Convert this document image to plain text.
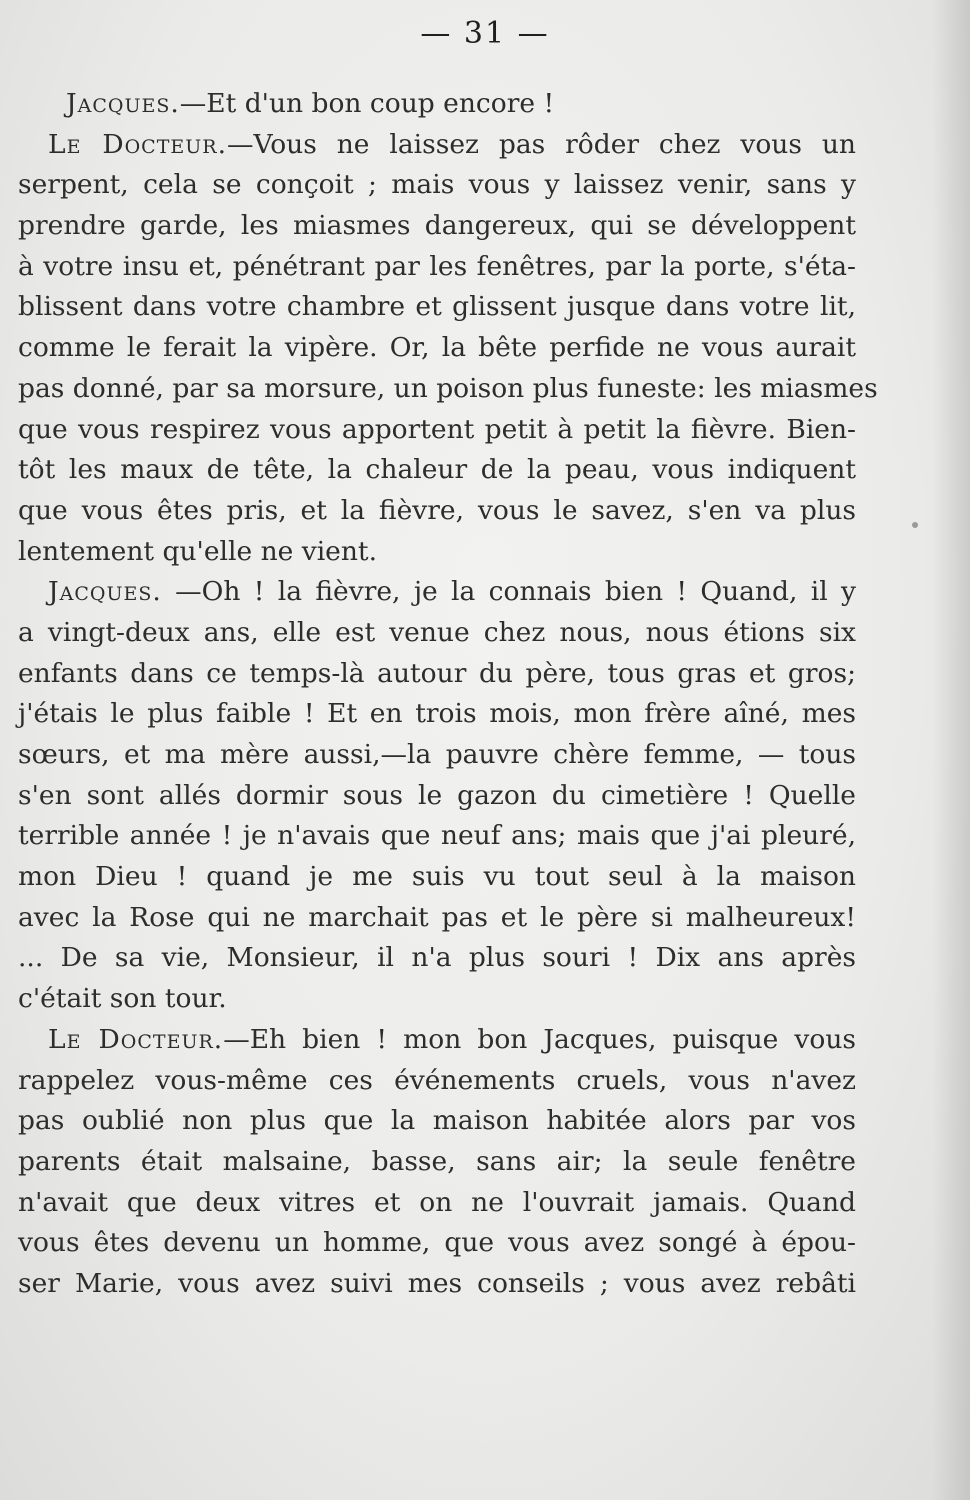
— 31 —
Jacques.—Et d'un bon coup encore !
Le Docteur.—Vous ne laissez pas rôder chez vous un
serpent, cela se conçoit ; mais vous y laissez venir, sans y
prendre garde, les miasmes dangereux, qui se développent
à votre insu et, pénétrant par les fenêtres, par la porte, s'éta-
blissent dans votre chambre et glissent jusque dans votre lit,
comme le ferait la vipère. Or, la bête perfide ne vous aurait
pas donné, par sa morsure, un poison plus funeste: les miasmes
que vous respirez vous apportent petit à petit la fièvre. Bien-
tôt les maux de tête, la chaleur de la peau, vous indiquent
que vous êtes pris, et la fièvre, vous le savez, s'en va plus
lentement qu'elle ne vient.
Jacques. —Oh ! la fièvre, je la connais bien ! Quand, il y
a vingt-deux ans, elle est venue chez nous, nous étions six
enfants dans ce temps-là autour du père, tous gras et gros;
j'étais le plus faible ! Et en trois mois, mon frère aîné, mes
sœurs, et ma mère aussi,—la pauvre chère femme, — tous
s'en sont allés dormir sous le gazon du cimetière ! Quelle
terrible année ! je n'avais que neuf ans; mais que j'ai pleuré,
mon Dieu ! quand je me suis vu tout seul à la maison
avec la Rose qui ne marchait pas et le père si malheureux!
... De sa vie, Monsieur, il n'a plus souri ! Dix ans après
c'était son tour.
Le Docteur.—Eh bien ! mon bon Jacques, puisque vous
rappelez vous-même ces événements cruels, vous n'avez
pas oublié non plus que la maison habitée alors par vos
parents était malsaine, basse, sans air; la seule fenêtre
n'avait que deux vitres et on ne l'ouvrait jamais. Quand
vous êtes devenu un homme, que vous avez songé à épou-
ser Marie, vous avez suivi mes conseils ; vous avez rebâti
